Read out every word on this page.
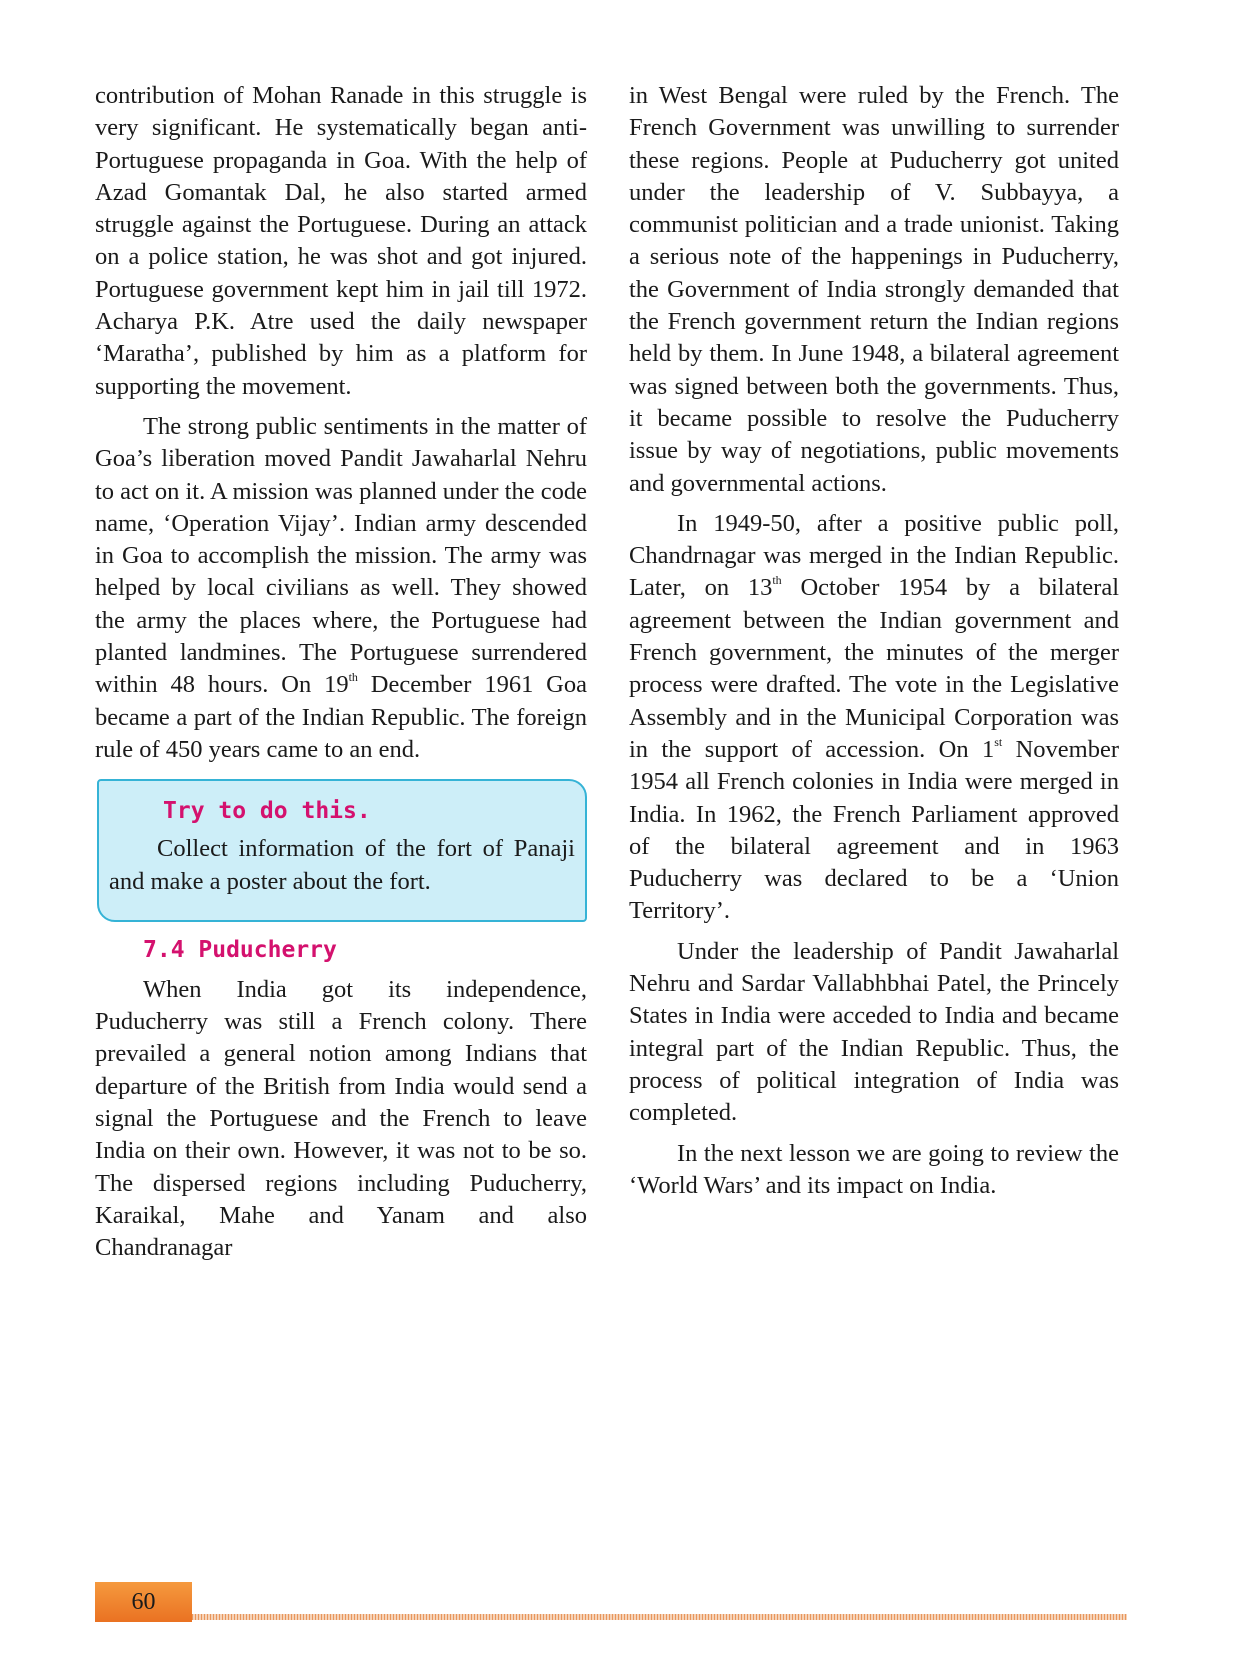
contribution of Mohan Ranade in this struggle is very significant. He systematically began anti-Portuguese propaganda in Goa. With the help of Azad Gomantak Dal, he also started armed struggle against the Portuguese. During an attack on a police station, he was shot and got injured. Portuguese government kept him in jail till 1972. Acharya P.K. Atre used the daily newspaper ‘Maratha’, published by him as a platform for supporting the movement.

The strong public sentiments in the matter of Goa’s liberation moved Pandit Jawaharlal Nehru to act on it. A mission was planned under the code name, ‘Operation Vijay’. Indian army descended in Goa to accomplish the mission. The army was helped by local civilians as well. They showed the army the places where, the Portuguese had planted landmines. The Portuguese surrendered within 48 hours. On 19th December 1961 Goa became a part of the Indian Republic. The foreign rule of 450 years came to an end.

Try to do this.

Collect information of the fort of Panaji and make a poster about the fort.

7.4 Puducherry

When India got its independence, Puducherry was still a French colony. There prevailed a general notion among Indians that departure of the British from India would send a signal the Portuguese and the French to leave India on their own. However, it was not to be so. The dispersed regions including Puducherry, Karaikal, Mahe and Yanam and also Chandranagar

in West Bengal were ruled by the French. The French Government was unwilling to surrender these regions. People at Puducherry got united under the leadership of V. Subbayya, a communist politician and a trade unionist. Taking a serious note of the happenings in Puducherry, the Government of India strongly demanded that the French government return the Indian regions held by them. In June 1948, a bilateral agreement was signed between both the governments. Thus, it became possible to resolve the Puducherry issue by way of negotiations, public movements and governmental actions.

In 1949-50, after a positive public poll, Chandrnagar was merged in the Indian Republic. Later, on 13th October 1954 by a bilateral agreement between the Indian government and French government, the minutes of the merger process were drafted. The vote in the Legislative Assembly and in the Municipal Corporation was in the support of accession. On 1st November 1954 all French colonies in India were merged in India. In 1962, the French Parliament approved of the bilateral agreement and in 1963 Puducherry was declared to be a ‘Union Territory’.

Under the leadership of Pandit Jawaharlal Nehru and Sardar Vallabhbhai Patel, the Princely States in India were acceded to India and became integral part of the Indian Republic. Thus, the process of political integration of India was completed.

In the next lesson we are going to review the ‘World Wars’ and its impact on India.

60
